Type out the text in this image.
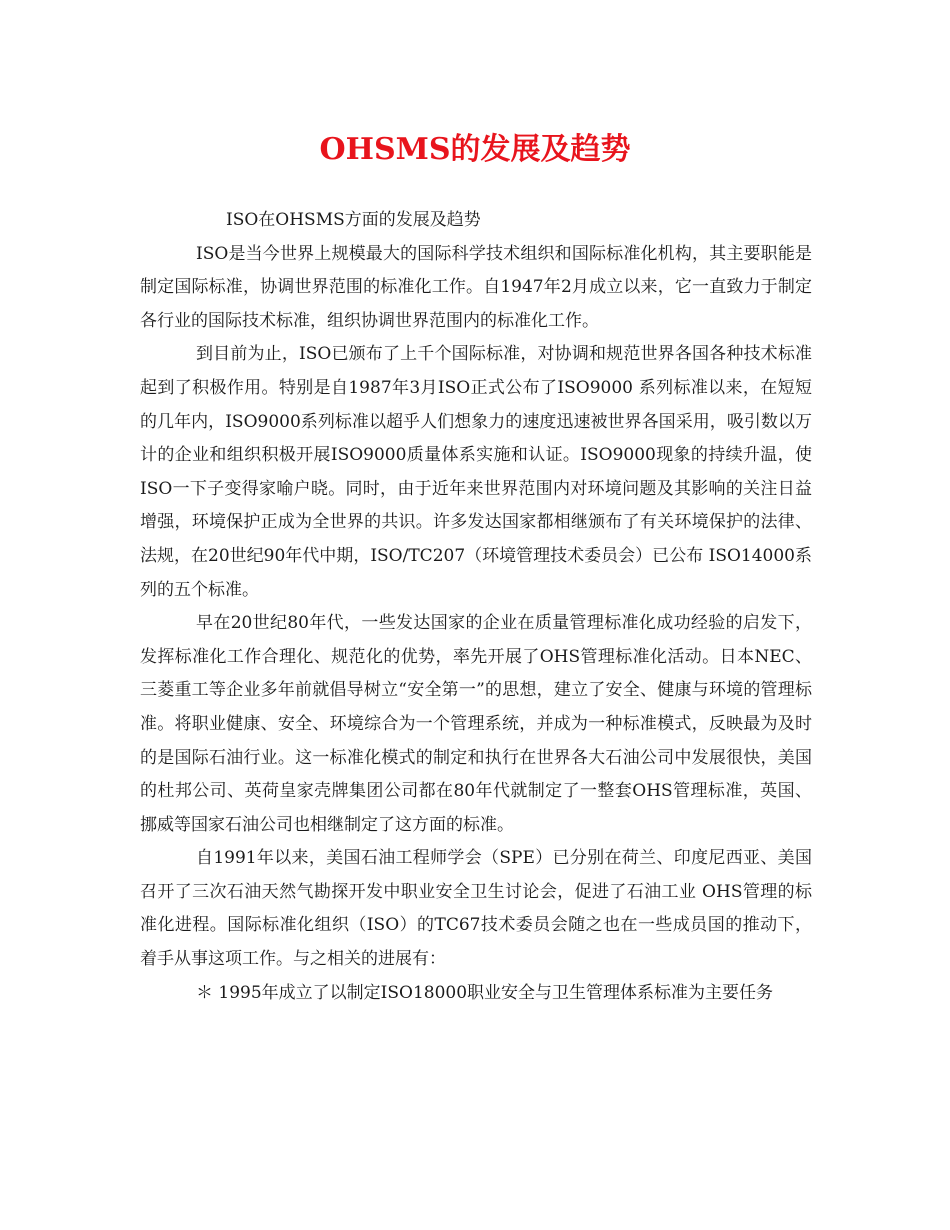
OHSMS的发展及趋势

ISO在OHSMS方面的发展及趋势

ISO是当今世界上规模最大的国际科学技术组织和国际标准化机构，其主要职能是制定国际标准，协调世界范围的标准化工作。自1947年2月成立以来，它一直致力于制定各行业的国际技术标准，组织协调世界范围内的标准化工作。

到目前为止，ISO已颁布了上千个国际标准，对协调和规范世界各国各种技术标准起到了积极作用。特别是自1987年3月ISO正式公布了ISO9000 系列标准以来，在短短的几年内，ISO9000系列标准以超乎人们想象力的速度迅速被世界各国采用，吸引数以万计的企业和组织积极开展ISO9000质量体系实施和认证。ISO9000现象的持续升温，使ISO一下子变得家喻户晓。同时，由于近年来世界范围内对环境问题及其影响的关注日益增强，环境保护正成为全世界的共识。许多发达国家都相继颁布了有关环境保护的法律、法规，在20世纪90年代中期，ISO/TC207（环境管理技术委员会）已公布 ISO14000系列的五个标准。

早在20世纪80年代，一些发达国家的企业在质量管理标准化成功经验的启发下，发挥标准化工作合理化、规范化的优势，率先开展了OHS管理标准化活动。日本NEC、三菱重工等企业多年前就倡导树立“安全第一”的思想，建立了安全、健康与环境的管理标准。将职业健康、安全、环境综合为一个管理系统，并成为一种标准模式，反映最为及时的是国际石油行业。这一标准化模式的制定和执行在世界各大石油公司中发展很快，美国的杜邦公司、英荷皇家壳牌集团公司都在80年代就制定了一整套OHS管理标准，英国、挪威等国家石油公司也相继制定了这方面的标准。

自1991年以来，美国石油工程师学会（SPE）已分别在荷兰、印度尼西亚、美国召开了三次石油天然气勘探开发中职业安全卫生讨论会，促进了石油工业 OHS管理的标准化进程。国际标准化组织（ISO）的TC67技术委员会随之也在一些成员国的推动下，着手从事这项工作。与之相关的进展有：

＊ 1995年成立了以制定ISO18000职业安全与卫生管理体系标准为主要任务
